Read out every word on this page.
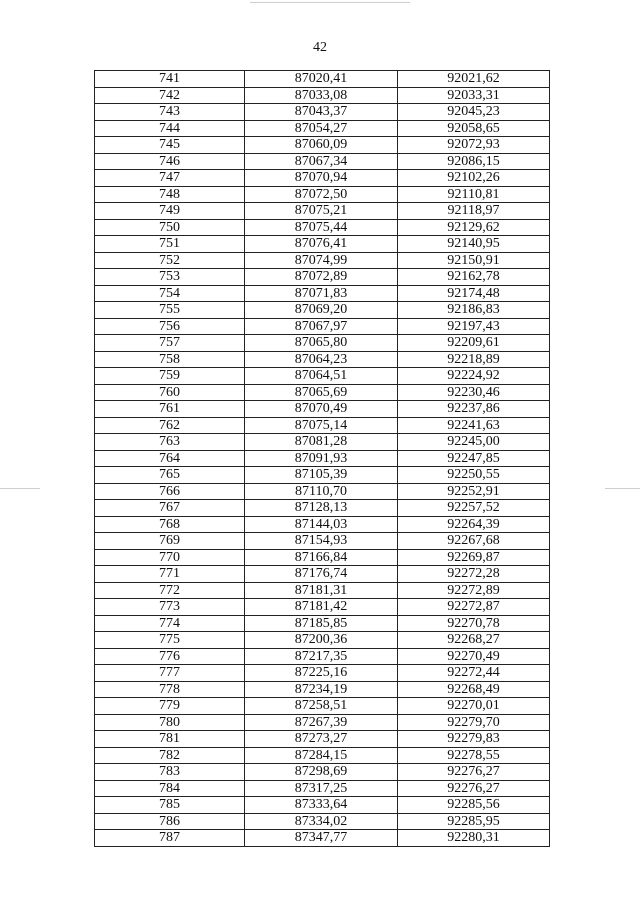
42
741	87020,41	92021,62
742	87033,08	92033,31
743	87043,37	92045,23
744	87054,27	92058,65
745	87060,09	92072,93
746	87067,34	92086,15
747	87070,94	92102,26
748	87072,50	92110,81
749	87075,21	92118,97
750	87075,44	92129,62
751	87076,41	92140,95
752	87074,99	92150,91
753	87072,89	92162,78
754	87071,83	92174,48
755	87069,20	92186,83
756	87067,97	92197,43
757	87065,80	92209,61
758	87064,23	92218,89
759	87064,51	92224,92
760	87065,69	92230,46
761	87070,49	92237,86
762	87075,14	92241,63
763	87081,28	92245,00
764	87091,93	92247,85
765	87105,39	92250,55
766	87110,70	92252,91
767	87128,13	92257,52
768	87144,03	92264,39
769	87154,93	92267,68
770	87166,84	92269,87
771	87176,74	92272,28
772	87181,31	92272,89
773	87181,42	92272,87
774	87185,85	92270,78
775	87200,36	92268,27
776	87217,35	92270,49
777	87225,16	92272,44
778	87234,19	92268,49
779	87258,51	92270,01
780	87267,39	92279,70
781	87273,27	92279,83
782	87284,15	92278,55
783	87298,69	92276,27
784	87317,25	92276,27
785	87333,64	92285,56
786	87334,02	92285,95
787	87347,77	92280,31
